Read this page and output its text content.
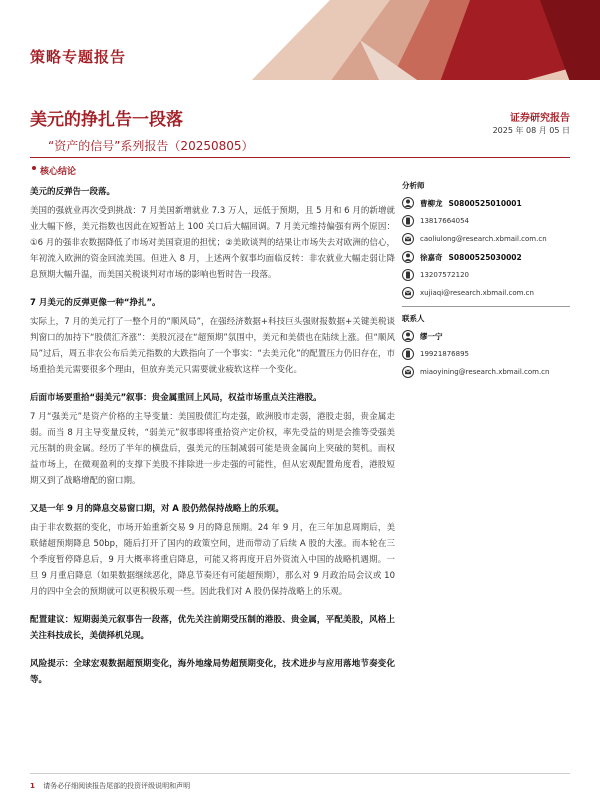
策略专题报告
美元的挣扎告一段落	证券研究报告
2025 年 08 月 05 日
“资产的信号”系列报告（20250805）
核心结论

美元的反弹告一段落。

美国的强就业再次受到挑战：7 月美国新增就业 7.3 万人，远低于预期，且 5 月和 6 月的新增就业大幅下修，美元指数也因此在短暂站上 100 关口后大幅回调。7 月美元维持偏强有两个原因：①6 月的强非农数据降低了市场对美国衰退的担忧；②美欧谈判的结果让市场失去对欧洲的信心，年初流入欧洲的资金回流美国。但进入 8 月，上述两个叙事均面临反转：非农就业大幅走弱让降息预期大幅升温，而美国关税谈判对市场的影响也暂时告一段落。

7 月美元的反弹更像一种“挣扎”。

实际上，7 月的美元打了一整个月的“顺风局”，在强经济数据+科技巨头强财报数据+关键美税谈判窗口的加持下“股债汇齐涨”：美股沉浸在“超预期”氛围中，美元和美债也在陆续上涨。但“顺风局”过后，周五非农公布后美元指数的大跌指向了一个事实：“去美元化”的配置压力仍旧存在，市场重拾美元需要很多个理由，但放弃美元只需要就业疲软这样一个变化。

后面市场要重拾“弱美元”叙事：贵金属重回上风局，权益市场重点关注港股。

7 月“强美元”是资产价格的主导变量：美国股债汇均走强，欧洲股市走弱，港股走弱，贵金属走弱。而当 8 月主导变量反转，“弱美元”叙事即将重拾资产定价权，率先受益的则是会推等受强美元压制的贵金属。经历了半年的横盘后，强美元的压制减弱可能是贵金属向上突破的契机。而权益市场上，在微观盈利的支撑下美股不排除进一步走强的可能性，但从宏观配置角度看，港股短期又到了战略增配的窗口期。

又是一年 9 月的降息交易窗口期，对 A 股仍然保持战略上的乐观。

由于非农数据的变化，市场开始重新交易 9 月的降息预期。24 年 9 月，在三年加息周期后，美联储超预期降息 50bp，随后打开了国内的政策空间，进而带动了后续 A 股的大涨。而本轮在三个季度暂停降息后，9 月大概率将重启降息，可能又将再度开启外资流入中国的战略机遇期。一旦 9 月重启降息（如果数据继续恶化，降息节奏还有可能超预期），那么对 9 月政治局会议或 10 月的四中全会的预期就可以更积极乐观一些。因此我们对 A 股仍保持战略上的乐观。

配置建议：短期弱美元叙事告一段落，优先关注前期受压制的港股、贵金属，平配美股，风格上关注科技成长，美债择机兑现。

风险提示：全球宏观数据超预期变化，海外地缘局势超预期变化，技术进步与应用落地节奏变化等。

分析师
曹柳龙 S0800525010001
13817664054
caoliulong@research.xbmail.com.cn
徐嘉奇 S0800525030002
13207572120
xujiaqi@research.xbmail.com.cn
联系人
缪一宁
19921876895
miaoyining@research.xbmail.com.cn
1 请务必仔细阅读报告尾部的投资评级说明和声明
